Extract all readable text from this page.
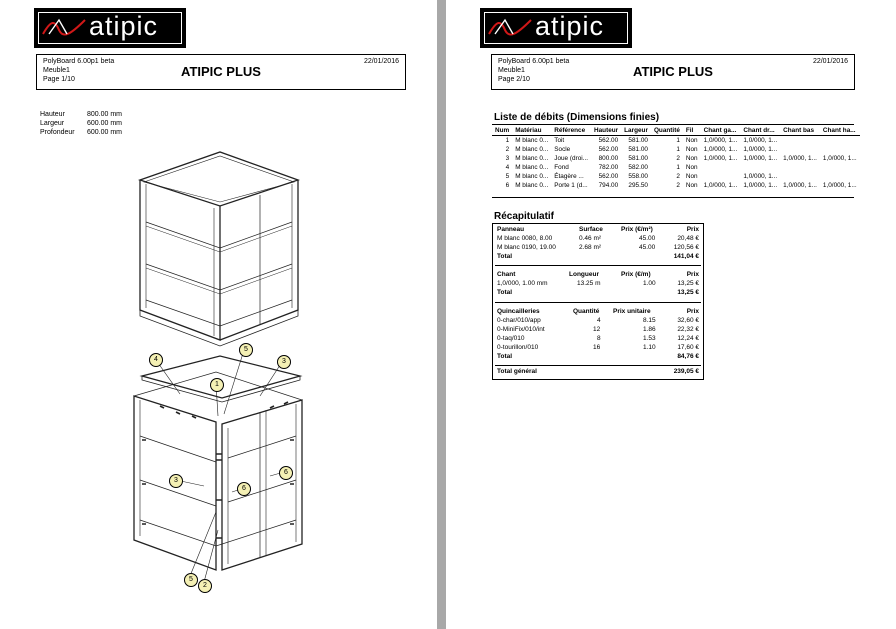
atipic
PolyBoard 6.00p1 beta
Meuble1
Page 1/10
22/01/2016
ATIPIC PLUS
Hauteur	800.00 mm
Largeur	600.00 mm
Profondeur 600.00 mm
4
5
3
1
3
6
6
5
2
atipic
PolyBoard 6.00p1 beta
Meuble1
Page 2/10
22/01/2016
ATIPIC PLUS
Liste de débits (Dimensions finies)
Num	Matériau	Référence	Hauteur	Largeur	Quantité	Fil	Chant ga...	Chant dr...	Chant bas	Chant ha...
1	M blanc 0...	Toit	562.00	581.00	1	Non	1,0/000, 1...	1,0/000, 1...		
2	M blanc 0...	Socle	562.00	581.00	1	Non	1,0/000, 1...	1,0/000, 1...		
3	M blanc 0...	Joue (droi...	800.00	581.00	2	Non	1,0/000, 1...	1,0/000, 1...	1,0/000, 1...	1,0/000, 1...
4	M blanc 0...	Fond	782.00	582.00	1	Non				
5	M blanc 0...	Étagère ...	562.00	558.00	2	Non		1,0/000, 1...		
6	M blanc 0...	Porte 1 (d...	794.00	295.50	2	Non	1,0/000, 1...	1,0/000, 1...	1,0/000, 1...	1,0/000, 1...
Récapitulatif
Panneau	Surface	Prix (€/m²)	Prix
M blanc 0080, 8.00	0.46 m²	45.00	20,48 €
M blanc 0190, 19.00	2.68 m²	45.00	120,56 €
Total	141,04 €
Chant	Longueur	Prix (€/m)	Prix
1,0/000, 1.00 mm	13.25 m	1.00	13,25 €
Total	13,25 €
Quincailleries	Quantité Prix unitaire	Prix
0-char/010/app	4	8.15	32,60 €
0-MiniFix/010/int	12	1.86	22,32 €
0-taq/010	8	1.53	12,24 €
0-tourillon/010	16	1.10	17,60 €
Total	84,76 €
Total général	239,05 €
